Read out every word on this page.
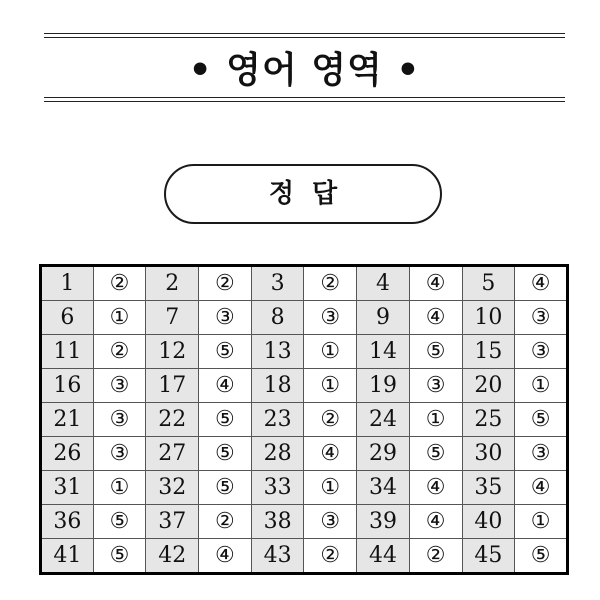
• 영어 영역 •
정답
1	②	2	②	3	②	4	④	5	④
6	①	7	③	8	③	9	④	10	③
11	②	12	⑤	13	①	14	⑤	15	③
16	③	17	④	18	①	19	③	20	①
21	③	22	⑤	23	②	24	①	25	⑤
26	③	27	⑤	28	④	29	⑤	30	③
31	①	32	⑤	33	①	34	④	35	④
36	⑤	37	②	38	③	39	④	40	①
41	⑤	42	④	43	②	44	②	45	⑤
